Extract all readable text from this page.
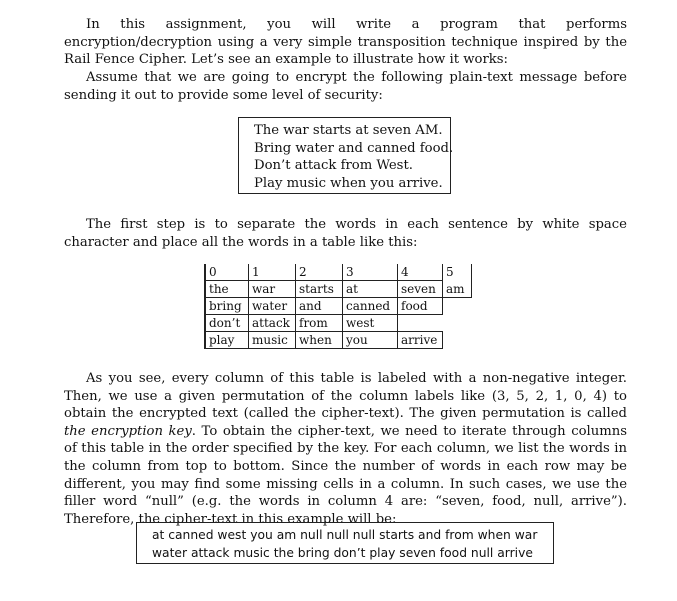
In this assignment, you will write a program that performs encryption/decryption using a very simple transposition technique inspired by the Rail Fence Cipher. Let’s see an example to illustrate how it works:

Assume that we are going to encrypt the following plain-text message before sending it out to provide some level of security:

The war starts at seven AM.
Bring water and canned food.
Don’t attack from West.
Play music when you arrive.

The first step is to separate the words in each sentence by white space character and place all the words in a table like this:

0	1	2	3	4	5
the	war	starts	at	seven	am
bring	water	and	canned	food	
don’t	attack	from	west		
play	music	when	you	arrive	

As you see, every column of this table is labeled with a non-negative integer. Then, we use a given permutation of the column labels like (3, 5, 2, 1, 0, 4) to obtain the encrypted text (called the cipher-text). The given permutation is called the encryption key. To obtain the cipher-text, we need to iterate through columns of this table in the order specified by the key. For each column, we list the words in the column from top to bottom. Since the number of words in each row may be different, you may find some missing cells in a column. In such cases, we use the filler word “null” (e.g. the words in column 4 are: “seven, food, null, arrive”). Therefore, the cipher-text in this example will be:

at canned west you am null null null starts and from when war
water attack music the bring don’t play seven food null arrive
